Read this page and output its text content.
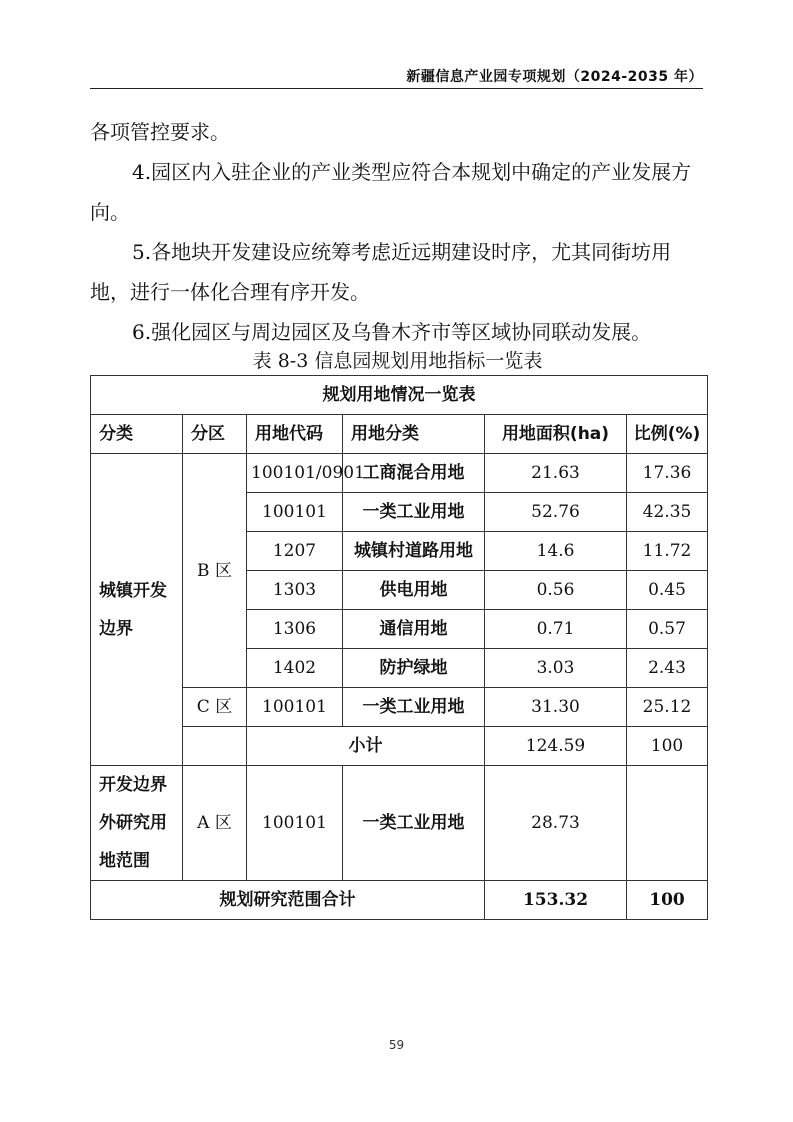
新疆信息产业园专项规划（2024-2035 年）
各项管控要求。
4.园区内入驻企业的产业类型应符合本规划中确定的产业发展方向。
5.各地块开发建设应统筹考虑近远期建设时序，尤其同街坊用地，进行一体化合理有序开发。
6.强化园区与周边园区及乌鲁木齐市等区域协同联动发展。
表 8-3 信息园规划用地指标一览表
规划用地情况一览表					
分类	分区	用地代码	用地分类	用地面积(ha)	比例(%)
城镇开发边界	B 区	100101/0901	工商混合用地	21.63	17.36
		100101	一类工业用地	52.76	42.35
		1207	城镇村道路用地	14.6	11.72
		1303	供电用地	0.56	0.45
		1306	通信用地	0.71	0.57
		1402	防护绿地	3.03	2.43
	C 区	100101	一类工业用地	31.30	25.12
		小计		124.59	100
开发边界外研究用地范围	A 区	100101	一类工业用地	28.73	
规划研究范围合计				153.32	100
59
